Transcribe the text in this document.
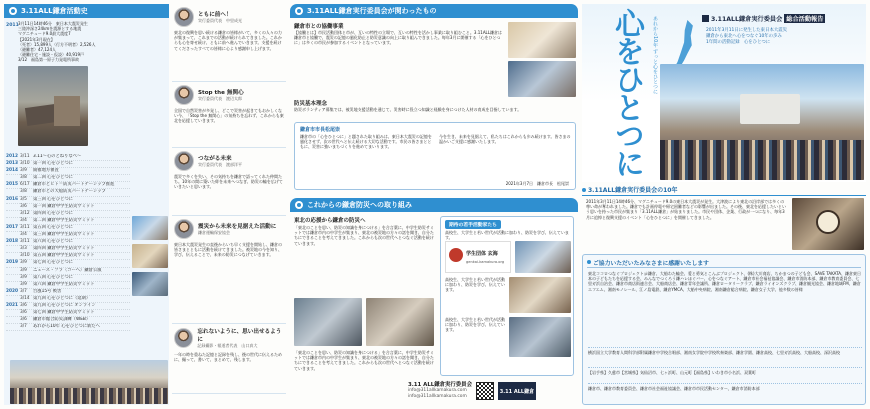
3.11ALL鎌倉活動史
2011 3月11日14時46分　東日本大震災発生

三陸沖深さ24kmを震源とする地震

マグニチュード9.0最大震度7

【2021年3月現在】

〈死者〉15,899人〈行方不明者〉2,526人

〈避難者〉47,124人

〈避難住宅・施設・仮設〉40,919戸

3/12　福島第一原子力発電所事故

2012 3/11 3.11～心のとねりなべ～
2013 3/10 第一回 心をひとつに
2014 3/9	開催地方審査
3/8	第二回 心をひとつに
2015 6/17 鎌倉市とヒト＝防災パートナーシップ推進
3/8	鎌倉市との大船防災パートナーシップ
2016 3/5	第三回 心をひとつに
3/6	第一回 鎌倉中学生防災サミット
3/12 第四回 心をひとつに
3/4	第二回 鎌倉中学生防災サミット
2017 3/11 第五回 心をひとつに
3/4	第三回 鎌倉中学生防災サミット
2018 3/11 第六回 心をひとつに
3/3	第四回 鎌倉中学生防災サミット
3/10 第五回 鎌倉中学生防災サミット
2019 3/9	第七回 心をひとつに
3/9	ニュース・フラ〈コーヘ〉鎌倉公演
3/9	第八回 心をひとつに
3/9	第六回 鎌倉中学生防災サミット
2020 3/7	台風15号 被害
3/14 第九回 心をひとつに（延期）
2021 3/6	第九回 心をひとつに オンライン
3/6	第七回 鎌倉中学生防災サミット
3/6	鎌倉市総合防災訓練（WEB）
3/7	あれから10年 心をひとつに新たへ
ともに前へ！
実行委員代表　中里成光
東北の復興を思い続ける鎌倉の皆様がいて、多くの人々の力が集まって、これまでの活動が続けられてきました。これからも心を寄せ続け、ともに前へ進んでいきます。支援を続けてくださったすべての皆様に心より感謝申し上げます。
Stop the 無関心
実行委員代表　渡辺太郎
全国で自然災害が多発し、どこで災害が起きてもおかしくない今、「Stop the 無関心」の気持ちを忘れず、これからも東北を応援していきます。
つながる未来
実行委員代表　渡部洋平
震災で多くを失い、その気持ちを鎌倉で語ってくれた仲間たち。10年の間に築いた絆を未来へつなぎ、防災の輪を広げていきたいと思います。
震災から未来を見据えた活動に
鎌倉運輸保安協会
東日本大震災発生の直後からいち早く支援を開始し、鎌倉の皆さまとともに活動を続けてきました。被災地の今を知り、学び、伝えることで、未来の防災につなげていきます。
忘れないように、思い出せるように
記録撮影・報道者代表　山口真大
一年の時を重ねた記憶と記録を残し、後の世代に伝えるために、撮って、書いて、まとめて、残します。
3.11ALL鎌倉実行委員会が関わったもの
鎌倉市との協働事業
【協働とは】市民活動団体と市が、互いの特性の立場で、互いの特性を活かし事業に取り組むこと。3.11ALL鎌倉は鎌倉市と協働で、震災の記憶の風化防止と防災意識の向上に取り組んできました。毎年3月に開催する「心をひとつに」は多くの市民が参加するイベントとなっています。
防災基本理念
防災ボランティア募集では、被災地支援活動を通じて、災害時に役立つ知識と経験を身につけた人材の育成を目指しています。
鎌倉市市長松尾崇
鎌倉市の「心をひとつに」と題された取り組みは、東日本大震災の記憶を風化させず、次の世代へと伝え続ける大切な活動です。市民の皆さまとともに、災害に強いまちづくりを進めてまいります。
今を生き、未来を見据えて、私たちはこれからも歩み続けます。皆さまの温かいご支援に感謝いたします。
2021年3月7日　鎌倉市長　松尾崇
これからの鎌倉防災への取り組み
東北の応援から鎌倉の防災へ
「東北のことを思い、防災の知識を身につける」を合言葉に、中学生防災サミットでは鎌倉市内の中学生が集まり、東北の被災地の方々の話を聞き、自分たちにできることを考えてきました。これからも次の世代へとつなぐ活動を続けていきます。
「東北のことを思い、防災の知識を身につける」を合言葉に、中学生防災サミットでは鎌倉市内の中学生が集まり、東北の被災地の方々の話を聞き、自分たちにできることを考えてきました。これからも次の世代へとつなぐ活動を続けていきます。
期待の若手活動家たち
高校生、大学生と若い世代が活動に加わり、防災を学び、伝えています。
学生団体 玄海
genkai-kamakura.org
高校生、大学生と若い世代が活動に加わり、防災を学び、伝えています。
高校生、大学生と若い世代が活動に加わり、防災を学び、伝えています。
3.11 ALL鎌倉実行委員会
info@311allkamakura.com
info@311allkamakura.com
3.11 ALL鎌倉
心をひとつに	あれから10年 ずっと心をひとつに	3.11ALL鎌倉実行委員会 総合活動報告

2011年3月11日に発生した東日本大震災

鎌倉から東北へ心をつなぐ10年の歩み

1年間の活動記録　心をひとつに

3.11ALL鎌倉実行委員会の10年
2011年3月11日14時46分、マグニチュード9.0の東日本大震災が発生。大津波により東北の沿岸部では多くの尊い命が奪われました。鎌倉でも計画停電や帰宅困難者などの影響が出ました。その後、東北を応援したいという思いを持った市民が集まり「3.11ALL鎌倉」が始まりました。市民や団体、企業、行政が一つになり、毎年3月に追悼と復興支援のイベント「心をひとつに」を開催してきました。
ご協力いただいたみなさまに感謝いたします
東北ココロつなぐプロジェクト＠鎌倉、大船わた輪会、愛と勇気とこんぶプロジェクト、(株)大川商店、ちかまつの子ども会、SAVE TAKATA、鎌倉東日本の子どもたちを応援する会、みんなでつくろう鎌ハレほぐバー、心をつなぐアート、鎌倉市社会福祉協議会、鎌倉市消防本部、鎌倉市教育委員会、七里ガ浜自治会、鎌倉市商店街連合会、大船商店会、鎌倉青年会議所、鎌倉ロータリークラブ、鎌倉ライオンズクラブ、鎌倉観光協会、鎌倉地域FM、鎌倉エフエム、湘南モノレール、江ノ島電鉄、鎌倉YMCA、大船中央病院、湘南鎌倉総合病院、鎌倉女子大学、他多数の皆様
横浜国立大学教育人間科学部附属鎌倉中学校合唱部、湘南女学院中学校吹奏楽部、鎌倉学園、鎌倉高校、七里ガ浜高校、大船高校、深沢高校
【岩手県】久慈市【宮城県】気仙沼市、七ヶ浜町、山元町【福島県】いわき市小名浜、双葉町
鎌倉市、鎌倉市教育委員会、鎌倉市社会福祉協議会、鎌倉市市民活動センター、鎌倉市消防本部
